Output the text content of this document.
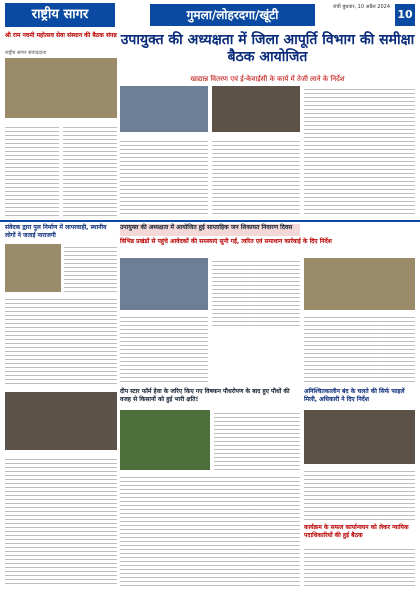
राष्ट्रीय सागर	गुमला/लोहरदगा/खूंटी
रांची बुधवार, 10 अप्रैल 2024
10
उपायुक्त की अध्यक्षता में जिला आपूर्ति विभाग की समीक्षा बैठक आयोजित
खाद्यान्न वितरण एवं ई-केवाईसी के कार्य में तेजी लाने के निर्देश
श्री राम नवमी महोत्सव सेवा संस्थान की बैठक संपन्न
राष्ट्रीय सागर संवाददाता
संवेदक द्वारा पुल निर्माण में लापरवाही, स्थानीय लोगों ने जताई नाराजगी
उपायुक्त की अध्यक्षता में आयोजित हुई साप्ताहिक जन शिकायत निवारण दिवस
विभिन्न प्रखंडों से पहुंचे आवेदकों की समस्याएं सुनी गईं, त्वरित एवं समाधान कार्रवाई के दिए निर्देश
दीप स्टार फॉर्म हेवा के जरिए किए गए विषकन पौधरोपण के बाद हुए पौधों की वजह से किसानों को हुई भारी क्षति!
अनिश्चितकालीन बंद के चलते की सिर्फ फाइलें मिली, अधिकारी ने दिए निर्देश
कार्यक्रम के सफल कार्यान्वयन को लेकर न्यायिक पदाधिकारियों की हुई बैठक
